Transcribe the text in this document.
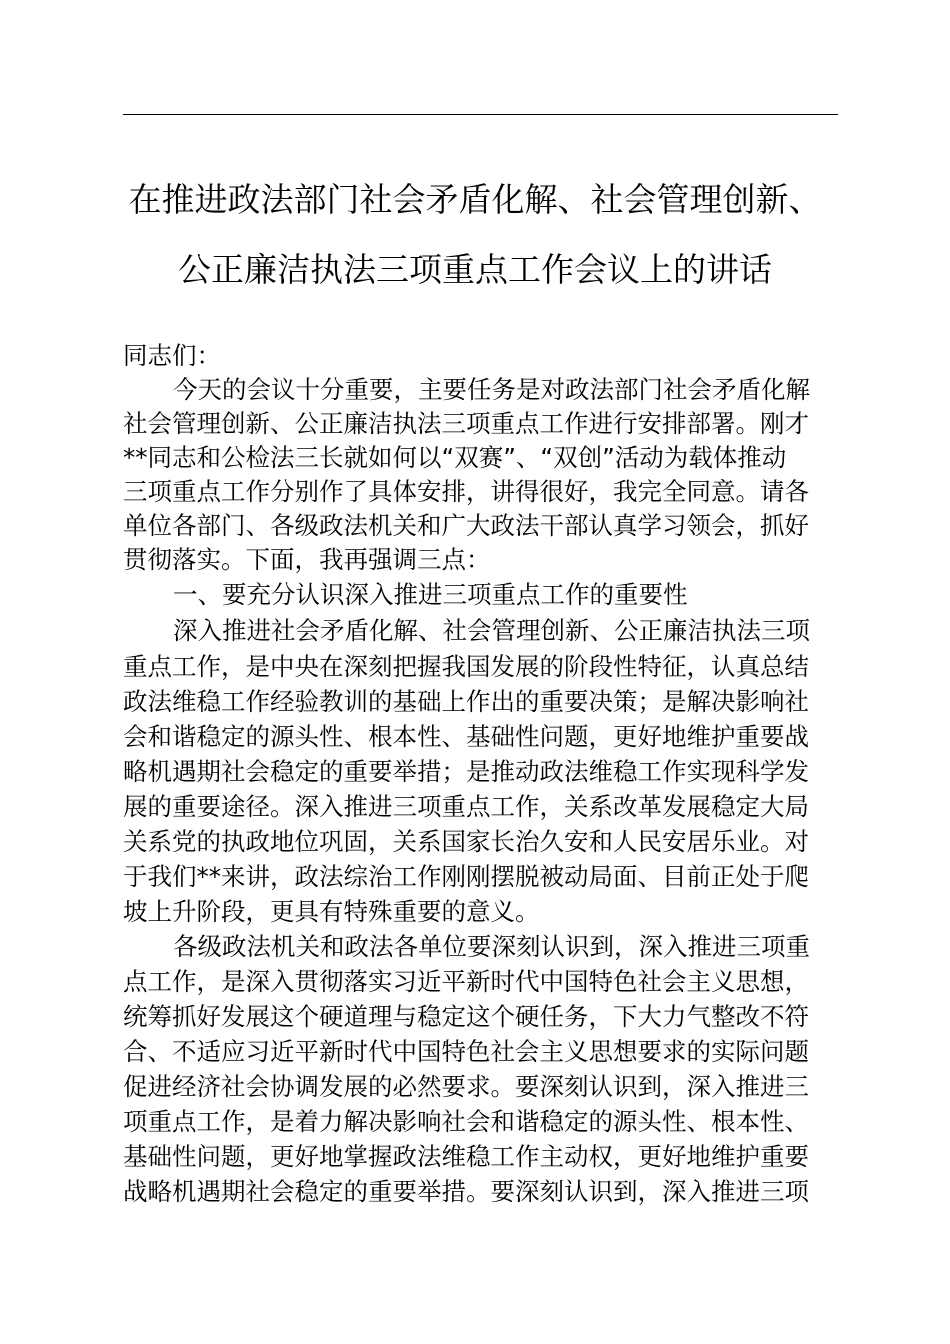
在推进政法部门社会矛盾化解、社会管理创新、
公正廉洁执法三项重点工作会议上的讲话
同志们：
今天的会议十分重要，主要任务是对政法部门社会矛盾化解
社会管理创新、公正廉洁执法三项重点工作进行安排部署。刚才
**同志和公检法三长就如何以“双赛”、“双创”活动为载体推动
三项重点工作分别作了具体安排，讲得很好，我完全同意。请各
单位各部门、各级政法机关和广大政法干部认真学习领会，抓好
贯彻落实。下面，我再强调三点：
一、要充分认识深入推进三项重点工作的重要性
深入推进社会矛盾化解、社会管理创新、公正廉洁执法三项
重点工作，是中央在深刻把握我国发展的阶段性特征，认真总结
政法维稳工作经验教训的基础上作出的重要决策；是解决影响社
会和谐稳定的源头性、根本性、基础性问题，更好地维护重要战
略机遇期社会稳定的重要举措；是推动政法维稳工作实现科学发
展的重要途径。深入推进三项重点工作，关系改革发展稳定大局
关系党的执政地位巩固，关系国家长治久安和人民安居乐业。对
于我们**来讲，政法综治工作刚刚摆脱被动局面、目前正处于爬
坡上升阶段，更具有特殊重要的意义。
各级政法机关和政法各单位要深刻认识到，深入推进三项重
点工作，是深入贯彻落实习近平新时代中国特色社会主义思想，
统筹抓好发展这个硬道理与稳定这个硬任务，下大力气整改不符
合、不适应习近平新时代中国特色社会主义思想要求的实际问题
促进经济社会协调发展的必然要求。要深刻认识到，深入推进三
项重点工作，是着力解决影响社会和谐稳定的源头性、根本性、
基础性问题，更好地掌握政法维稳工作主动权，更好地维护重要
战略机遇期社会稳定的重要举措。要深刻认识到，深入推进三项
